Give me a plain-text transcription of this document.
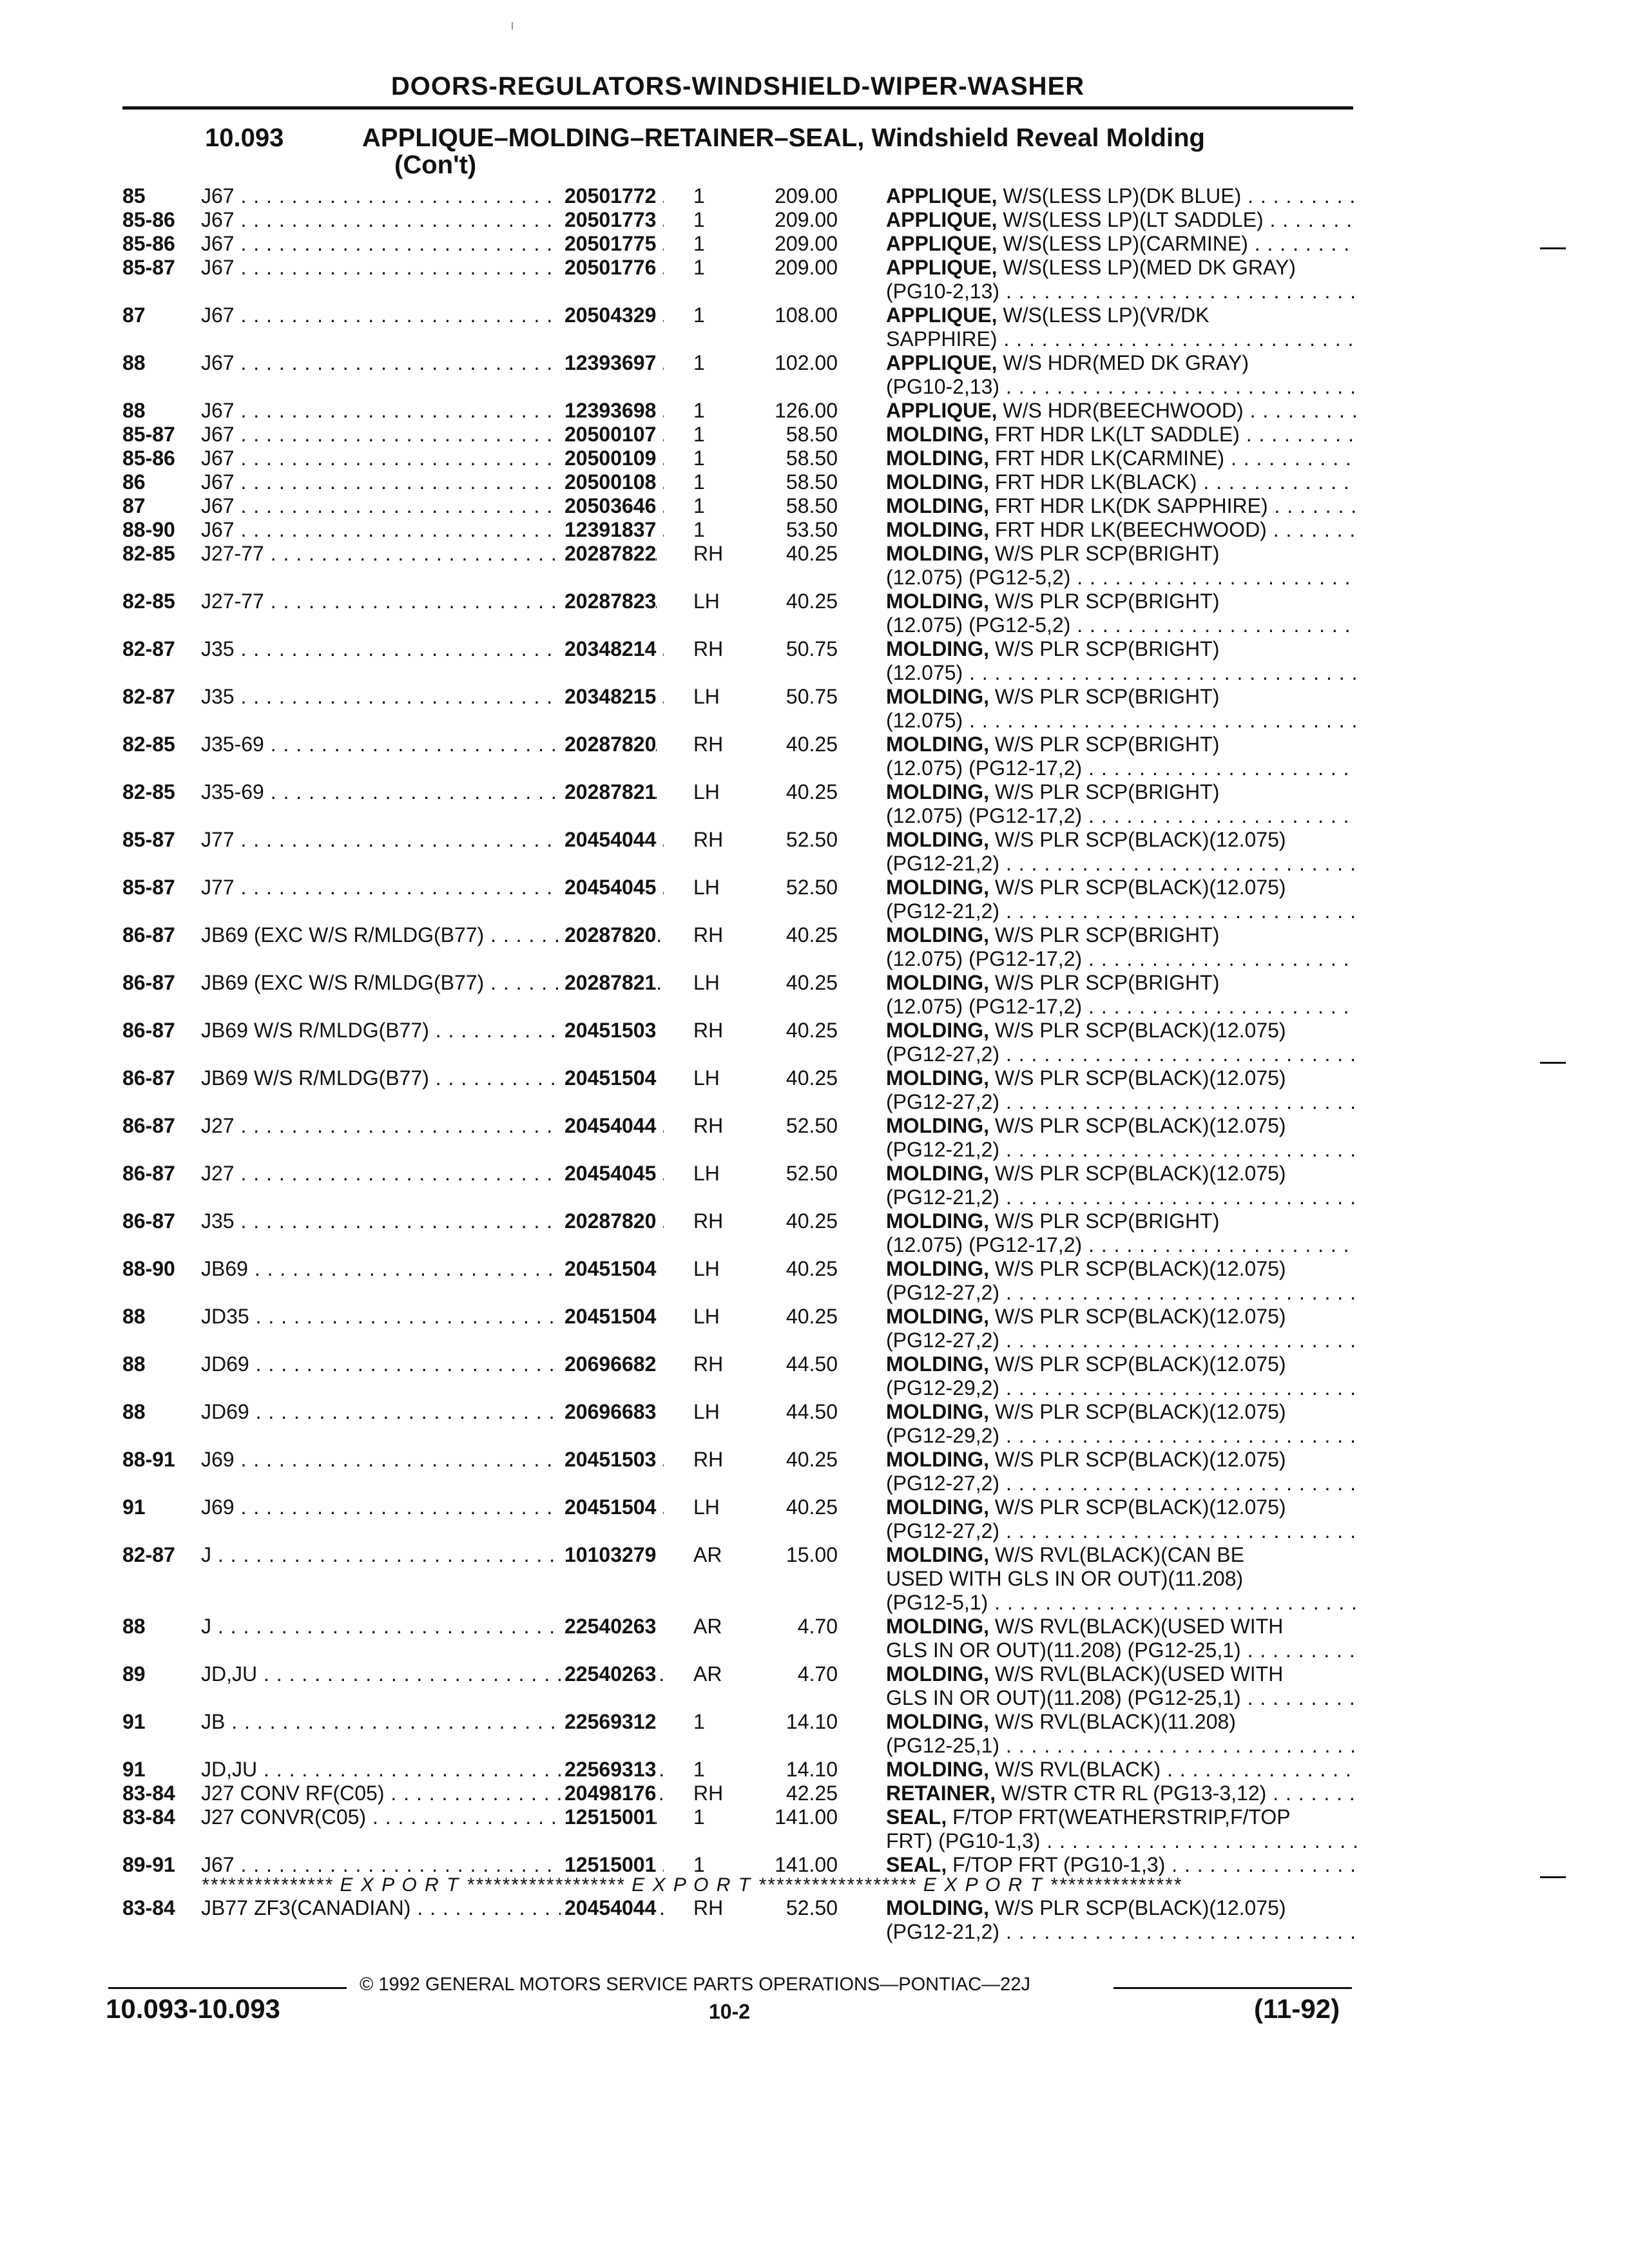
DOORS-REGULATORS-WINDSHIELD-WIPER-WASHER
10.093	APPLIQUE–MOLDING–RETAINER–SEAL, Windshield Reveal Molding
(Con't)
85	J67 . . .	20501772 1	209.00 APPLIQUE, W/S(LESS LP)(DK BLUE) . . .
85-86 J67 . . .	20501773 1	209.00 APPLIQUE, W/S(LESS LP)(LT SADDLE) . . .
85-86 J67 . . .	20501775 1	209.00 APPLIQUE, W/S(LESS LP)(CARMINE) . . .
85-87 J67 . . .	20501776 1	209.00 APPLIQUE, W/S(LESS LP)(MED DK GRAY)
(PG10-2,13) . . .
87	J67 . . .	20504329 1	108.00 APPLIQUE, W/S(LESS LP)(VR/DK
SAPPHIRE) . . .
88	J67 . . .	12393697 1	102.00 APPLIQUE, W/S HDR(MED DK GRAY)
(PG10-2,13) . . .
88	J67 . . .	12393698 1	126.00 APPLIQUE, W/S HDR(BEECHWOOD) . . .
85-87 J67 . . .	20500107 1	58.50 MOLDING, FRT HDR LK(LT SADDLE) . . .
85-86 J67 . . .	20500109 1	58.50 MOLDING, FRT HDR LK(CARMINE) . . .
86	J67 . . .	20500108 1	58.50 MOLDING, FRT HDR LK(BLACK) . . .
87	J67 . . .	20503646 1	58.50 MOLDING, FRT HDR LK(DK SAPPHIRE) . . .
88-90 J67 . . .	12391837 1	53.50 MOLDING, FRT HDR LK(BEECHWOOD) . . .
82-85 J27-77 . . .	20287822 RH	40.25 MOLDING, W/S PLR SCP(BRIGHT)
(12.075) (PG12-5,2) . . .
82-85 J27-77 . . .	20287823 LH	40.25 MOLDING, W/S PLR SCP(BRIGHT)
(12.075) (PG12-5,2) . . .
82-87 J35 . . .	20348214 RH	50.75 MOLDING, W/S PLR SCP(BRIGHT)
(12.075) . . .
82-87 J35 . . .	20348215 LH	50.75 MOLDING, W/S PLR SCP(BRIGHT)
(12.075) . . .
82-85 J35-69 . . .	20287820 RH	40.25 MOLDING, W/S PLR SCP(BRIGHT)
(12.075) (PG12-17,2) . . .
82-85 J35-69 . . .	20287821 LH	40.25 MOLDING, W/S PLR SCP(BRIGHT)
(12.075) (PG12-17,2) . . .
85-87 J77 . . .	20454044 RH	52.50 MOLDING, W/S PLR SCP(BLACK)(12.075)
(PG12-21,2) . . .
85-87 J77 . . .	20454045 LH	52.50 MOLDING, W/S PLR SCP(BLACK)(12.075)
(PG12-21,2) . . .
86-87 JB69 (EXC W/S R/MLDG(B77) . . .	20287820 RH	40.25 MOLDING, W/S PLR SCP(BRIGHT)
(12.075) (PG12-17,2) . . .
86-87 JB69 (EXC W/S R/MLDG(B77) . . .	20287821 LH	40.25 MOLDING, W/S PLR SCP(BRIGHT)
(12.075) (PG12-17,2) . . .
86-87 JB69 W/S R/MLDG(B77) . . .	20451503 RH	40.25 MOLDING, W/S PLR SCP(BLACK)(12.075)
(PG12-27,2) . . .
86-87 JB69 W/S R/MLDG(B77) . . .	20451504 LH	40.25 MOLDING, W/S PLR SCP(BLACK)(12.075)
(PG12-27,2) . . .
86-87 J27 . . .	20454044 RH	52.50 MOLDING, W/S PLR SCP(BLACK)(12.075)
(PG12-21,2) . . .
86-87 J27 . . .	20454045 LH	52.50 MOLDING, W/S PLR SCP(BLACK)(12.075)
(PG12-21,2) . . .
86-87 J35 . . .	20287820 RH	40.25 MOLDING, W/S PLR SCP(BRIGHT)
(12.075) (PG12-17,2) . . .
88-90 JB69 . . .	20451504 LH	40.25 MOLDING, W/S PLR SCP(BLACK)(12.075)
(PG12-27,2) . . .
88	JD35 . . .	20451504 LH	40.25 MOLDING, W/S PLR SCP(BLACK)(12.075)
(PG12-27,2) . . .
88	JD69 . . .	20696682 RH	44.50 MOLDING, W/S PLR SCP(BLACK)(12.075)
(PG12-29,2) . . .
88	JD69 . . .	20696683 LH	44.50 MOLDING, W/S PLR SCP(BLACK)(12.075)
(PG12-29,2) . . .
88-91 J69 . . .	20451503 RH	40.25 MOLDING, W/S PLR SCP(BLACK)(12.075)
(PG12-27,2) . . .
91	J69 . . .	20451504 LH	40.25 MOLDING, W/S PLR SCP(BLACK)(12.075)
(PG12-27,2) . . .
82-87 J . . .	10103279 AR	15.00 MOLDING, W/S RVL(BLACK)(CAN BE
USED WITH GLS IN OR OUT)(11.208)
(PG12-5,1) . . .
88	J . . .	22540263 AR	4.70 MOLDING, W/S RVL(BLACK)(USED WITH
GLS IN OR OUT)(11.208) (PG12-25,1) . . .
89	JD,JU . . .	22540263 AR	4.70 MOLDING, W/S RVL(BLACK)(USED WITH
GLS IN OR OUT)(11.208) (PG12-25,1) . . .
91	JB . . .	22569312 1	14.10 MOLDING, W/S RVL(BLACK)(11.208)
(PG12-25,1) . . .
91	JD,JU . . .	22569313 1	14.10 MOLDING, W/S RVL(BLACK) . . .
83-84 J27 CONV RF(C05) . . .	20498176 RH	42.25 RETAINER, W/STR CTR RL (PG13-3,12) . . .
83-84 J27 CONVR(C05) . . .	12515001 1	141.00 SEAL, F/TOP FRT(WEATHERSTRIP,F/TOP
FRT) (PG10-1,3) . . .
89-91 J67 . . .	12515001 1	141.00 SEAL, F/TOP FRT (PG10-1,3) . . .
*************** E X P O R T ****************** E X P O R T ****************** E X P O R T ***************
83-84 JB77 ZF3(CANADIAN) . . .	20454044 RH	52.50 MOLDING, W/S PLR SCP(BLACK)(12.075)
(PG12-21,2) . . .
© 1992 GENERAL MOTORS SERVICE PARTS OPERATIONS—PONTIAC—22J
10.093-10.093	10-2	(11-92)
